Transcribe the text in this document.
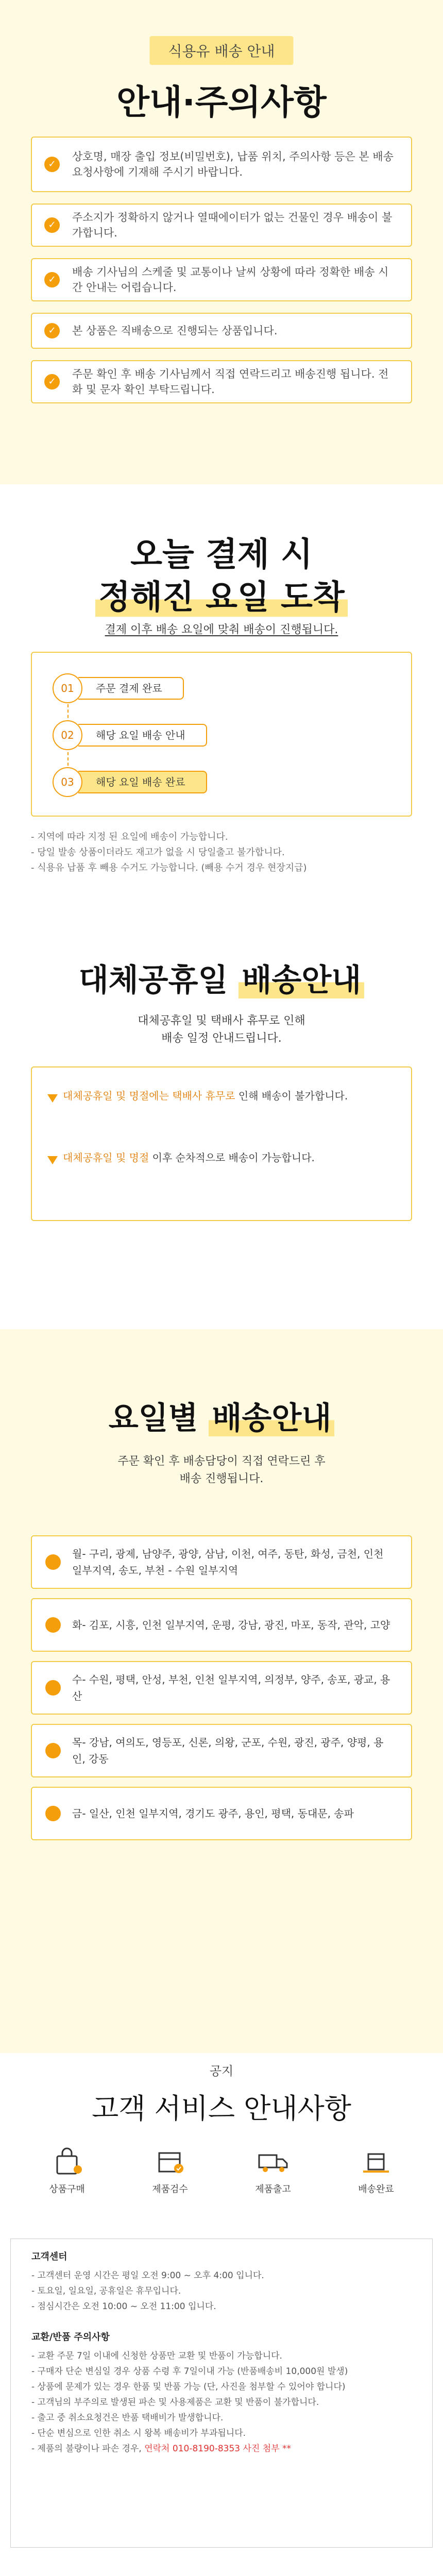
식용유 배송 안내
안내·주의사항
✓
상호명, 매장 출입 정보(비밀번호), 납품 위치, 주의사항 등은 본 배송 요청사항에 기재해 주시기 바랍니다.
✓
주소지가 정확하지 않거나 열때에이터가 없는 건물인 경우 배송이 불가합니다.
✓
배송 기사님의 스케줄 및 교통이나 날씨 상황에 따라 정확한 배송 시간 안내는 어렵습니다.
✓	본 상품은 직배송으로 진행되는 상품입니다.
✓
주문 확인 후 배송 기사님께서 직접 연락드리고 배송진행 됩니다. 전화 및 문자 확인 부탁드립니다.
오늘 결제 시
정해진 요일 도착
결제 이후 배송 요일에 맞춰 배송이 진행됩니다.
01	주문 결제 완료
02	해당 요일 배송 안내
03	해당 요일 배송 완료
- 지역에 따라 지정 된 요일에 배송이 가능합니다.
- 당일 발송 상품이더라도 재고가 없을 시 당일출고 불가합니다.
- 식용유 납품 후 빼용 수거도 가능합니다. (빼용 수거 경우 현장지급)
대체공휴일 배송안내
대체공휴일 및 택배사 휴무로 인해
배송 일정 안내드립니다.
대체공휴일 및 명절에는 택배사 휴무로 인해 배송이 불가합니다.
대체공휴일 및 명절 이후 순차적으로 배송이 가능합니다.
요일별 배송안내
주문 확인 후 배송담당이 직접 연락드린 후
배송 진행됩니다.
월- 구리, 광제, 남양주, 광양, 삼남, 이천, 여주, 동탄, 화성, 금천, 인천 일부지역, 송도, 부천 - 수원 일부지역
화- 김포, 시흥, 인천 일부지역, 운평, 강남, 광진, 마포, 동작, 관악, 고양
수- 수원, 평택, 안성, 부천, 인천 일부지역, 의정부, 양주, 송포, 광교, 용산
목- 강남, 여의도, 영등포, 신론, 의왕, 군포, 수원, 광진, 광주, 양평, 용인, 강동
금- 일산, 인천 일부지역, 경기도 광주, 용인, 평택, 동대문, 송파
공지
고객 서비스 안내사항
상품구매	제품검수	제품출고	배송완료
고객센터
- 고객센터 운영 시간은 평일 오전 9:00 ~ 오후 4:00 입니다.
- 토요일, 일요일, 공휴일은 휴무입니다.
- 점심시간은 오전 10:00 ~ 오전 11:00 입니다.
교환/반품 주의사항
- 교환 주문 7일 이내에 신청한 상품만 교환 및 반품이 가능합니다.
- 구매자 단순 변심일 경우 상품 수령 후 7일이내 가능 (반품배송비 10,000원 발생)
- 상품에 문제가 있는 경우 한품 및 반품 가능 (단, 사진을 첨부할 수 있어야 합니다)
- 고객님의 부주의로 발생된 파손 및 사용제품은 교환 및 반품이 불가합니다.
- 출고 중 취소요청건은 반품 택배비가 발생합니다.
- 단순 변심으로 인한 취소 시 왕복 배송비가 부과됩니다.
- 제품의 불량이나 파손 경우, 연락처 010-8190-8353 사진 첨부 **
